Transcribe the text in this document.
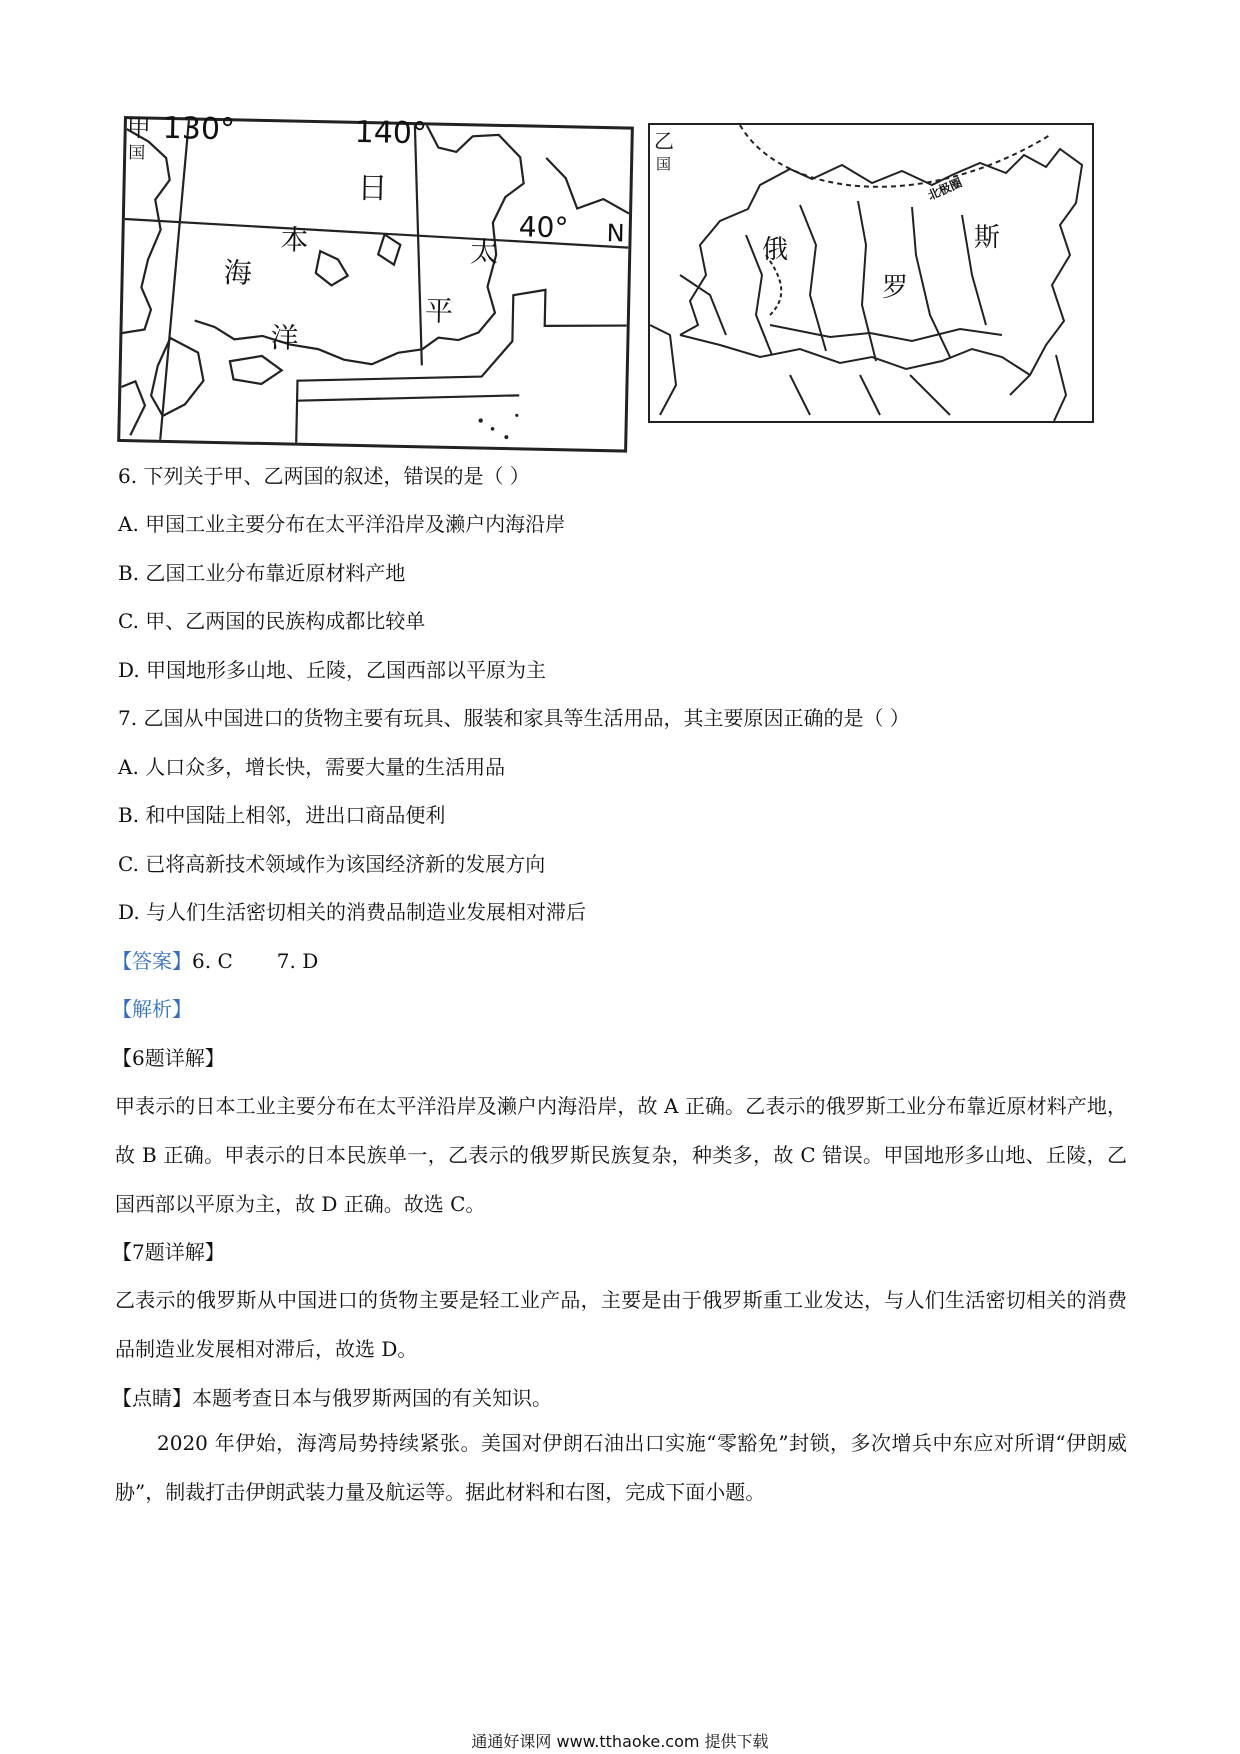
甲
国
130°	140°
40° N
日
本
海
太
平
洋
乙
国
俄
罗
斯
北极圈
6. 下列关于甲、乙两国的叙述，错误的是（ ）
A. 甲国工业主要分布在太平洋沿岸及濑户内海沿岸
B. 乙国工业分布靠近原材料产地
C. 甲、乙两国的民族构成都比较单
D. 甲国地形多山地、丘陵，乙国西部以平原为主
7. 乙国从中国进口的货物主要有玩具、服装和家具等生活用品，其主要原因正确的是（ ）
A. 人口众多，增长快，需要大量的生活用品
B. 和中国陆上相邻，进出口商品便利
C. 已将高新技术领域作为该国经济新的发展方向
D. 与人们生活密切相关的消费品制造业发展相对滞后
【答案】6. C 7. D
【解析】
【6题详解】
甲表示的日本工业主要分布在太平洋沿岸及濑户内海沿岸，故 A 正确。乙表示的俄罗斯工业分布靠近原材料产地，故 B 正确。甲表示的日本民族单一，乙表示的俄罗斯民族复杂，种类多，故 C 错误。甲国地形多山地、丘陵，乙国西部以平原为主，故 D 正确。故选 C。
【7题详解】
乙表示的俄罗斯从中国进口的货物主要是轻工业产品，主要是由于俄罗斯重工业发达，与人们生活密切相关的消费品制造业发展相对滞后，故选 D。
【点睛】本题考查日本与俄罗斯两国的有关知识。
2020 年伊始，海湾局势持续紧张。美国对伊朗石油出口实施“零豁免”封锁，多次增兵中东应对所谓“伊朗威胁”，制裁打击伊朗武装力量及航运等。据此材料和右图，完成下面小题。
通通好课网 www.tthaoke.com 提供下载
